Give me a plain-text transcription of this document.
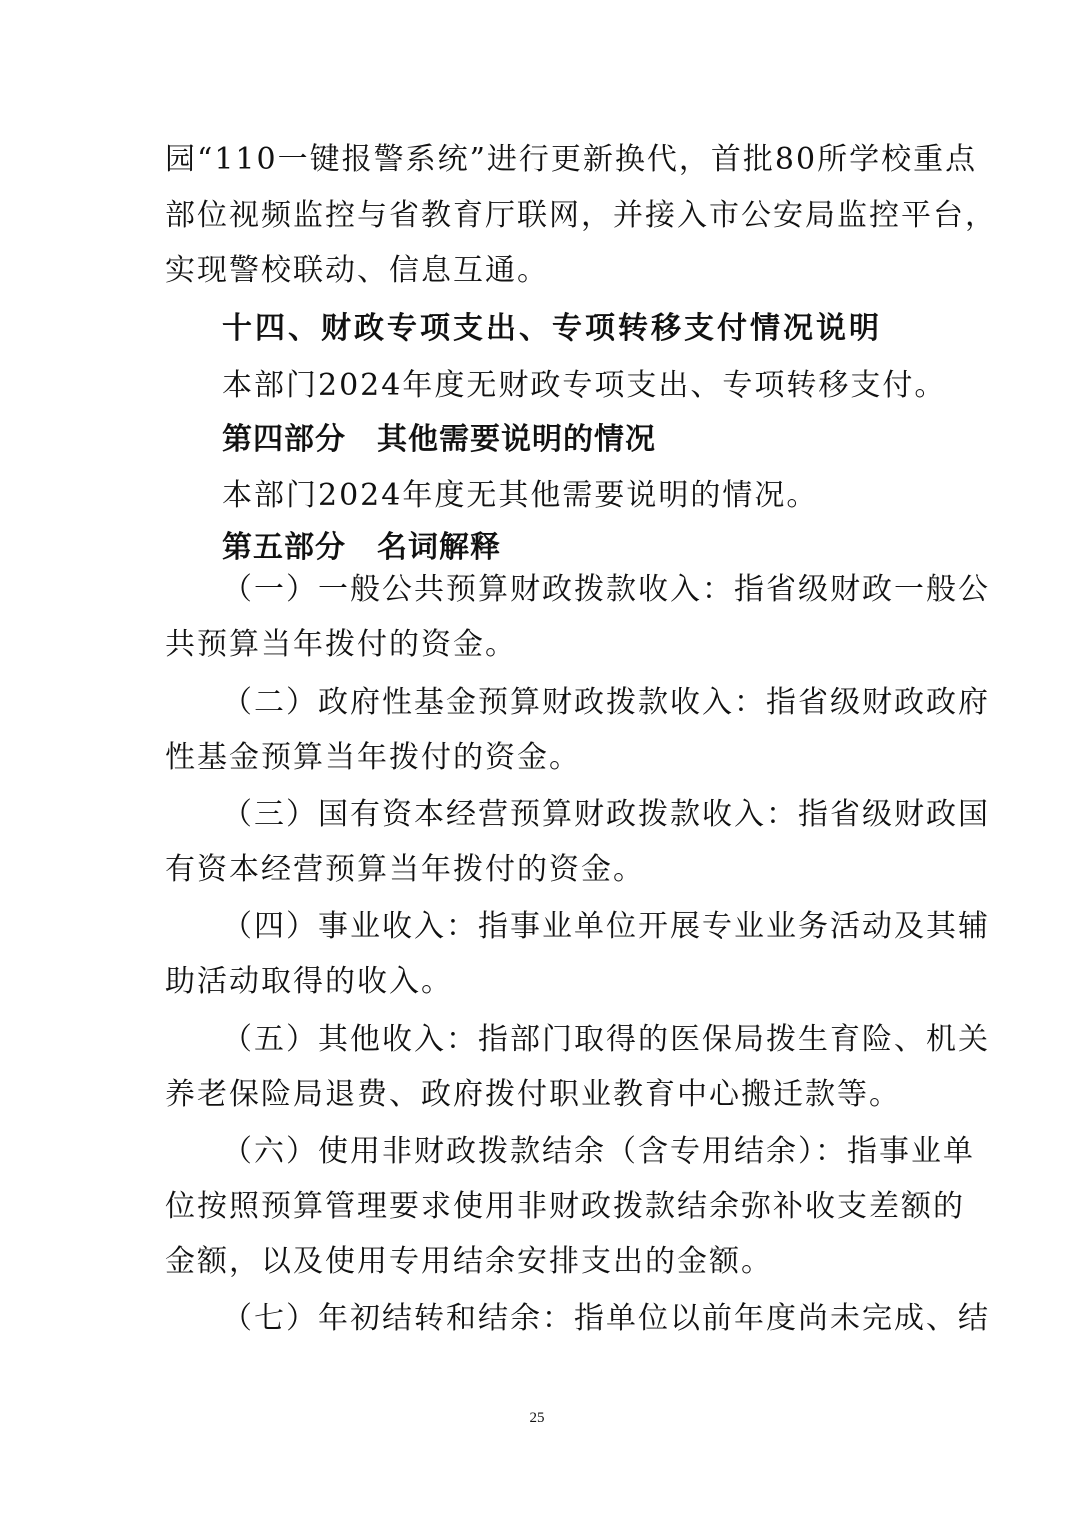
园“110一键报警系统”进行更新换代，首批80所学校重点
部位视频监控与省教育厅联网，并接入市公安局监控平台，
实现警校联动、信息互通。
十四、财政专项支出、专项转移支付情况说明
本部门2024年度无财政专项支出、专项转移支付。
第四部分　其他需要说明的情况
本部门2024年度无其他需要说明的情况。
第五部分　名词解释
（一）一般公共预算财政拨款收入：指省级财政一般公
共预算当年拨付的资金。
（二）政府性基金预算财政拨款收入：指省级财政政府
性基金预算当年拨付的资金。
（三）国有资本经营预算财政拨款收入：指省级财政国
有资本经营预算当年拨付的资金。
（四）事业收入：指事业单位开展专业业务活动及其辅
助活动取得的收入。
（五）其他收入：指部门取得的医保局拨生育险、机关
养老保险局退费、政府拨付职业教育中心搬迁款等。
（六）使用非财政拨款结余（含专用结余）：指事业单
位按照预算管理要求使用非财政拨款结余弥补收支差额的
金额，以及使用专用结余安排支出的金额。
（七）年初结转和结余：指单位以前年度尚未完成、结
25
